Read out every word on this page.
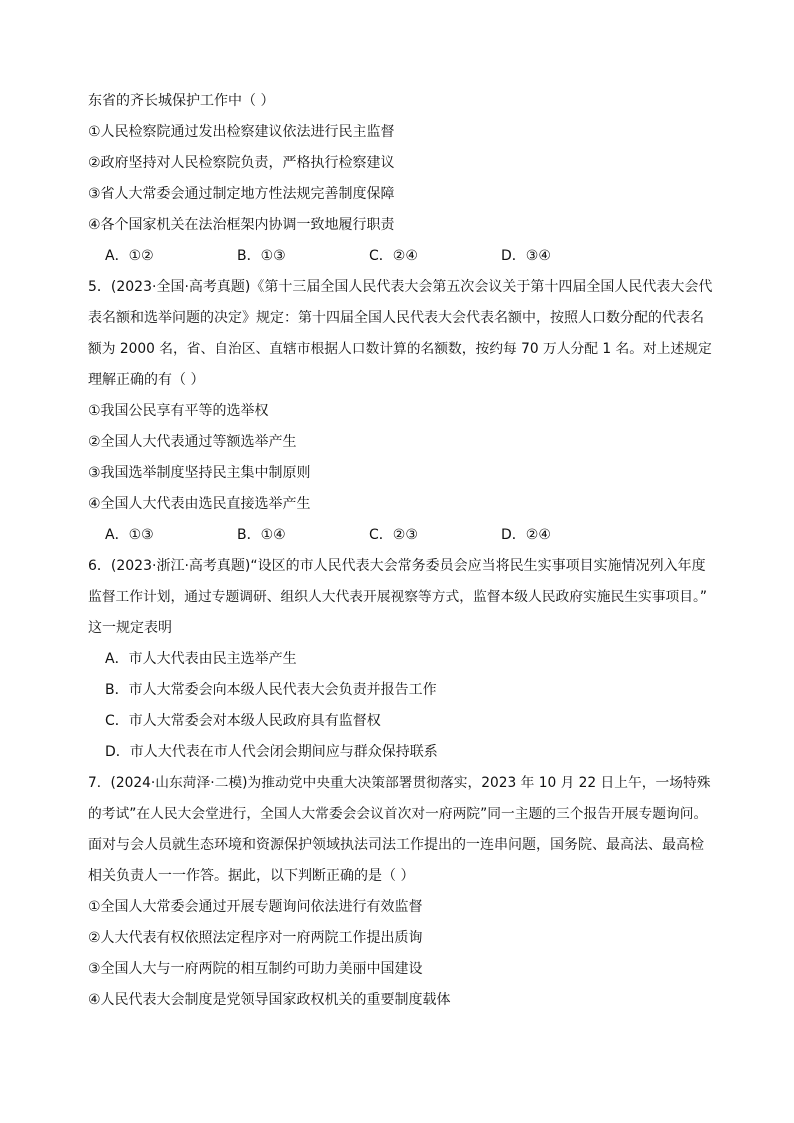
东省的齐长城保护工作中（ ）
①人民检察院通过发出检察建议依法进行民主监督
②政府坚持对人民检察院负责，严格执行检察建议
③省人大常委会通过制定地方性法规完善制度保障
④各个国家机关在法治框架内协调一致地履行职责
A．①②	B．①③	C．②④	D．③④
5．(2023·全国·高考真题)《第十三届全国人民代表大会第五次会议关于第十四届全国人民代表大会代
表名额和选举问题的决定》规定：第十四届全国人民代表大会代表名额中，按照人口数分配的代表名
额为 2000 名，省、自治区、直辖市根据人口数计算的名额数，按约每 70 万人分配 1 名。对上述规定
理解正确的有（ ）
①我国公民享有平等的选举权
②全国人大代表通过等额选举产生
③我国选举制度坚持民主集中制原则
④全国人大代表由选民直接选举产生
A．①③	B．①④	C．②③	D．②④
6．(2023·浙江·高考真题)“设区的市人民代表大会常务委员会应当将民生实事项目实施情况列入年度
监督工作计划，通过专题调研、组织人大代表开展视察等方式，监督本级人民政府实施民生实事项目。”
这一规定表明
A．市人大代表由民主选举产生
B．市人大常委会向本级人民代表大会负责并报告工作
C．市人大常委会对本级人民政府具有监督权
D．市人大代表在市人代会闭会期间应与群众保持联系
7．(2024·山东菏泽·二模)为推动党中央重大决策部署贯彻落实，2023 年 10 月 22 日上午，一场特殊
的考试”在人民大会堂进行，全国人大常委会会议首次对一府两院”同一主题的三个报告开展专题询问。
面对与会人员就生态环境和资源保护领域执法司法工作提出的一连串问题，国务院、最高法、最高检
相关负责人一一作答。据此，以下判断正确的是（ ）
①全国人大常委会通过开展专题询问依法进行有效监督
②人大代表有权依照法定程序对一府两院工作提出质询
③全国人大与一府两院的相互制约可助力美丽中国建设
④人民代表大会制度是党领导国家政权机关的重要制度载体
